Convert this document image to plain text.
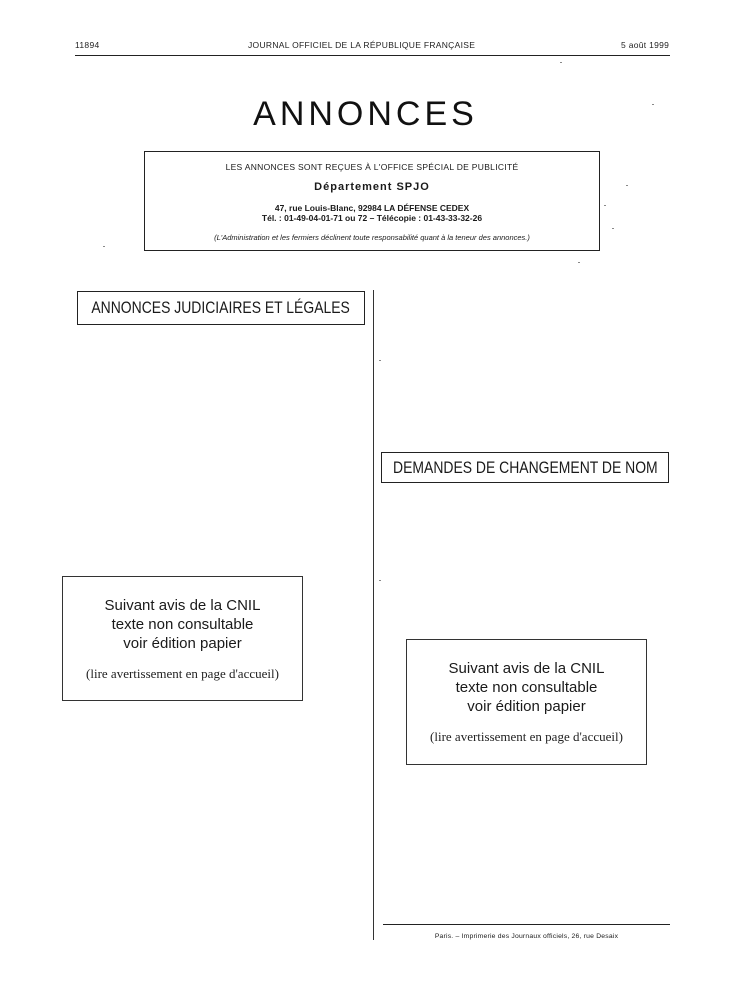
11894	JOURNAL OFFICIEL DE LA RÉPUBLIQUE FRANÇAISE	5 août 1999
ANNONCES
LES ANNONCES SONT REÇUES À L'OFFICE SPÉCIAL DE PUBLICITÉ
Département SPJO
47, rue Louis-Blanc, 92984 LA DÉFENSE CEDEX
Tél. : 01-49-04-01-71 ou 72 – Télécopie : 01-43-33-32-26
(L'Administration et les fermiers déclinent toute responsabilité quant à la teneur des annonces.)
ANNONCES JUDICIAIRES ET LÉGALES
DEMANDES DE CHANGEMENT DE NOM
Suivant avis de la CNIL
texte non consultable
voir édition papier
(lire avertissement en page d'accueil)	Suivant avis de la CNIL
texte non consultable
voir édition papier
(lire avertissement en page d'accueil)
Paris. – Imprimerie des Journaux officiels, 26, rue Desaix
